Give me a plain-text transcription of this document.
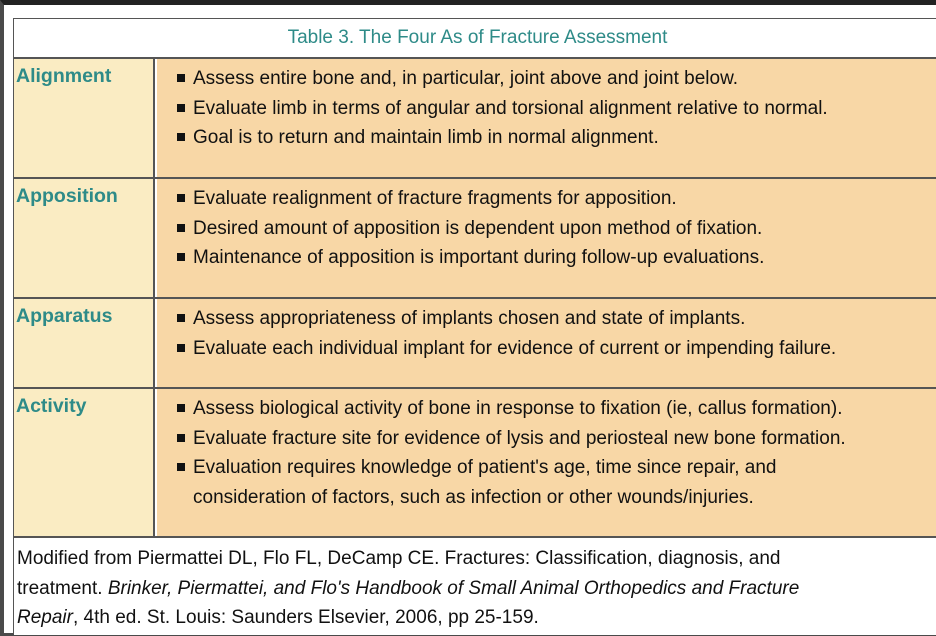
Table 3. The Four As of Fracture Assessment
Alignment	Assess entire bone and, in particular, joint above and joint below.
Evaluate limb in terms of angular and torsional alignment relative to normal.
Goal is to return and maintain limb in normal alignment.
Apposition	Evaluate realignment of fracture fragments for apposition.
Desired amount of apposition is dependent upon method of fixation.
Maintenance of apposition is important during follow-up evaluations.
Apparatus	Assess appropriateness of implants chosen and state of implants.
Evaluate each individual implant for evidence of current or impending failure.
Activity	Assess biological activity of bone in response to fixation (ie, callus formation).
Evaluate fracture site for evidence of lysis and periosteal new bone formation.
Evaluation requires knowledge of patient's age, time since repair, and
consideration of factors, such as infection or other wounds/injuries.
Modified from Piermattei DL, Flo FL, DeCamp CE. Fractures: Classification, diagnosis, and
treatment. Brinker, Piermattei, and Flo's Handbook of Small Animal Orthopedics and Fracture
Repair, 4th ed. St. Louis: Saunders Elsevier, 2006, pp 25-159.
